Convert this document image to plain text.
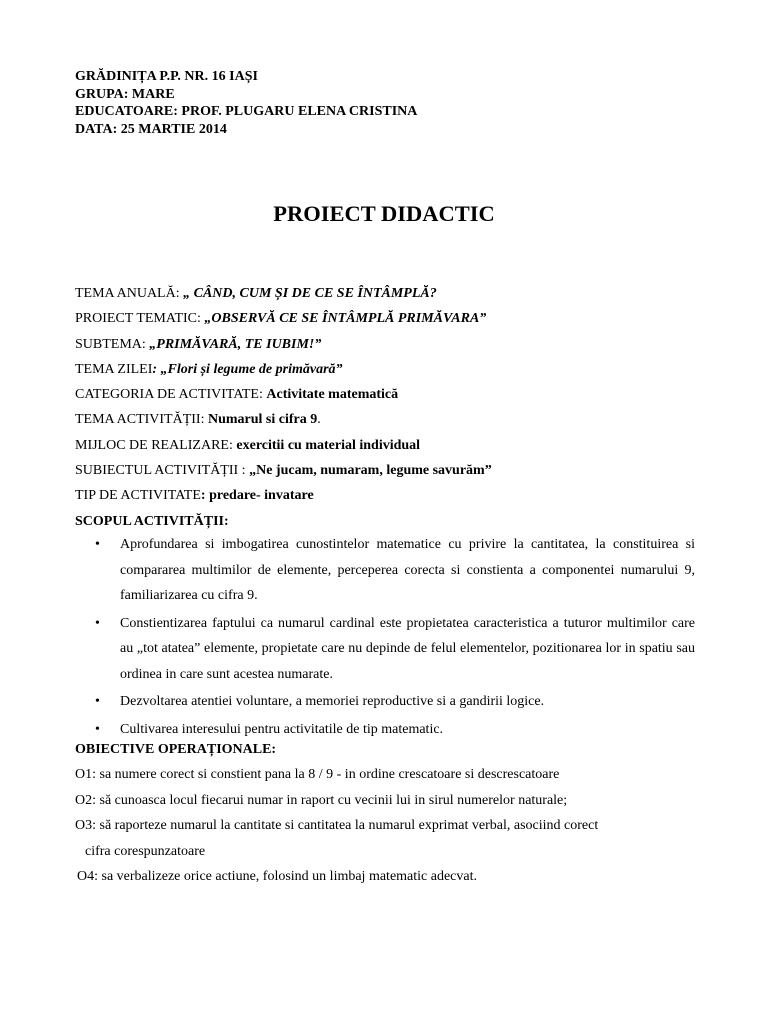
GRĂDINIȚA P.P. NR. 16 IAȘI
GRUPA: MARE
EDUCATOARE: PROF. PLUGARU ELENA CRISTINA
DATA: 25 MARTIE 2014
PROIECT DIDACTIC
TEMA ANUALĂ: „ CÂND, CUM ȘI DE CE SE ÎNTÂMPLĂ?
PROIECT TEMATIC: „OBSERVĂ CE SE ÎNTÂMPLĂ PRIMĂVARA”
SUBTEMA: „PRIMĂVARĂ, TE IUBIM!”
TEMA ZILEI: „Flori și legume de primăvară”
CATEGORIA DE ACTIVITATE: Activitate matematică
TEMA ACTIVITĂȚII: Numarul si cifra 9.
MIJLOC DE REALIZARE: exercitii cu material individual
SUBIECTUL ACTIVITĂȚII : „Ne jucam, numaram, legume savurăm”
TIP DE ACTIVITATE: predare- invatare
SCOPUL ACTIVITĂȚII:
• Aprofundarea si imbogatirea cunostintelor matematice cu privire la cantitatea, la constituirea si compararea multimilor de elemente, perceperea corecta si constienta a componentei numarului 9, familiarizarea cu cifra 9.
• Constientizarea faptului ca numarul cardinal este propietatea caracteristica a tuturor multimilor care au „tot atatea” elemente, propietate care nu depinde de felul elementelor, pozitionarea lor in spatiu sau ordinea in care sunt acestea numarate.
• Dezvoltarea atentiei voluntare, a memoriei reproductive si a gandirii logice.
• Cultivarea interesului pentru activitatile de tip matematic.
OBIECTIVE OPERAȚIONALE:
O1: sa numere corect si constient pana la 8 / 9 - in ordine crescatoare si descrescatoare
O2: să cunoasca locul fiecarui numar in raport cu vecinii lui in sirul numerelor naturale;
O3: să raporteze numarul la cantitate si cantitatea la numarul exprimat verbal, asociind corect
cifra corespunzatoare
O4: sa verbalizeze orice actiune, folosind un limbaj matematic adecvat.
